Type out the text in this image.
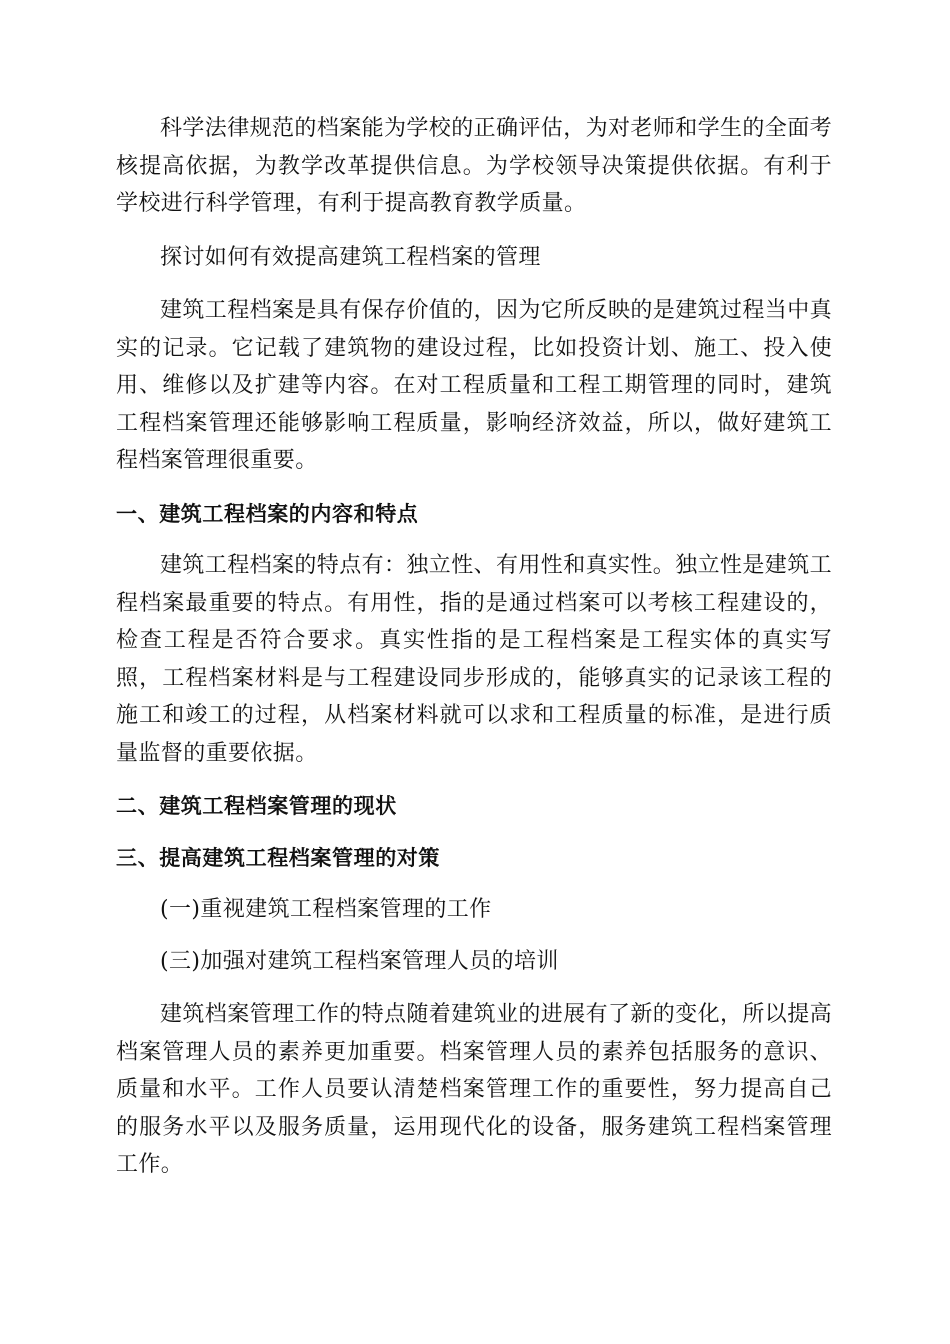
科学法律规范的档案能为学校的正确评估，为对老师和学生的全面考核提高依据，为教学改革提供信息。为学校领导决策提供依据。有利于学校进行科学管理，有利于提高教育教学质量。

探讨如何有效提高建筑工程档案的管理

建筑工程档案是具有保存价值的，因为它所反映的是建筑过程当中真实的记录。它记载了建筑物的建设过程，比如投资计划、施工、投入使用、维修以及扩建等内容。在对工程质量和工程工期管理的同时，建筑工程档案管理还能够影响工程质量，影响经济效益，所以，做好建筑工程档案管理很重要。

一、建筑工程档案的内容和特点

建筑工程档案的特点有：独立性、有用性和真实性。独立性是建筑工程档案最重要的特点。有用性，指的是通过档案可以考核工程建设的，检查工程是否符合要求。真实性指的是工程档案是工程实体的真实写照，工程档案材料是与工程建设同步形成的，能够真实的记录该工程的施工和竣工的过程，从档案材料就可以求和工程质量的标准，是进行质量监督的重要依据。

二、建筑工程档案管理的现状

三、提高建筑工程档案管理的对策

(一)重视建筑工程档案管理的工作

(三)加强对建筑工程档案管理人员的培训

建筑档案管理工作的特点随着建筑业的进展有了新的变化，所以提高档案管理人员的素养更加重要。档案管理人员的素养包括服务的意识、质量和水平。工作人员要认清楚档案管理工作的重要性，努力提高自己的服务水平以及服务质量，运用现代化的设备，服务建筑工程档案管理工作。
